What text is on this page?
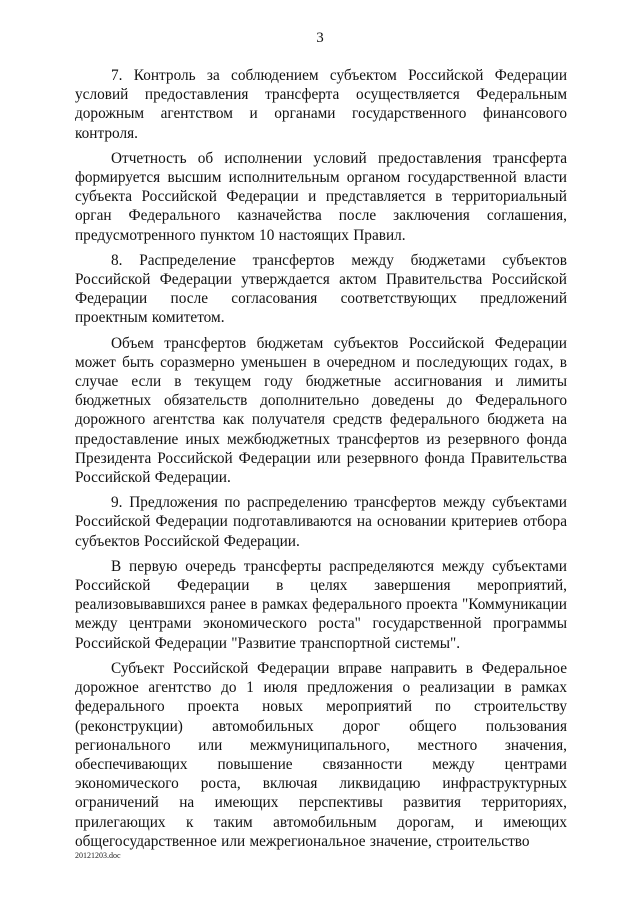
3

7. Контроль за соблюдением субъектом Российской Федерации условий предоставления трансферта осуществляется Федеральным дорожным агентством и органами государственного финансового контроля.

Отчетность об исполнении условий предоставления трансферта формируется высшим исполнительным органом государственной власти субъекта Российской Федерации и представляется в территориальный орган Федерального казначейства после заключения соглашения, предусмотренного пунктом 10 настоящих Правил.

8. Распределение трансфертов между бюджетами субъектов Российской Федерации утверждается актом Правительства Российской Федерации после согласования соответствующих предложений проектным комитетом.

Объем трансфертов бюджетам субъектов Российской Федерации может быть соразмерно уменьшен в очередном и последующих годах, в случае если в текущем году бюджетные ассигнования и лимиты бюджетных обязательств дополнительно доведены до Федерального дорожного агентства как получателя средств федерального бюджета на предоставление иных межбюджетных трансфертов из резервного фонда Президента Российской Федерации или резервного фонда Правительства Российской Федерации.

9. Предложения по распределению трансфертов между субъектами Российской Федерации подготавливаются на основании критериев отбора субъектов Российской Федерации.

В первую очередь трансферты распределяются между субъектами Российской Федерации в целях завершения мероприятий, реализовывавшихся ранее в рамках федерального проекта "Коммуникации между центрами экономического роста" государственной программы Российской Федерации "Развитие транспортной системы".

Субъект Российской Федерации вправе направить в Федеральное дорожное агентство до 1 июля предложения о реализации в рамках федерального проекта новых мероприятий по строительству (реконструкции) автомобильных дорог общего пользования регионального или межмуниципального, местного значения, обеспечивающих повышение связанности между центрами экономического роста, включая ликвидацию инфраструктурных ограничений на имеющих перспективы развития территориях, прилегающих к таким автомобильным дорогам, и имеющих общегосударственное или межрегиональное значение, строительство

20121203.doc
